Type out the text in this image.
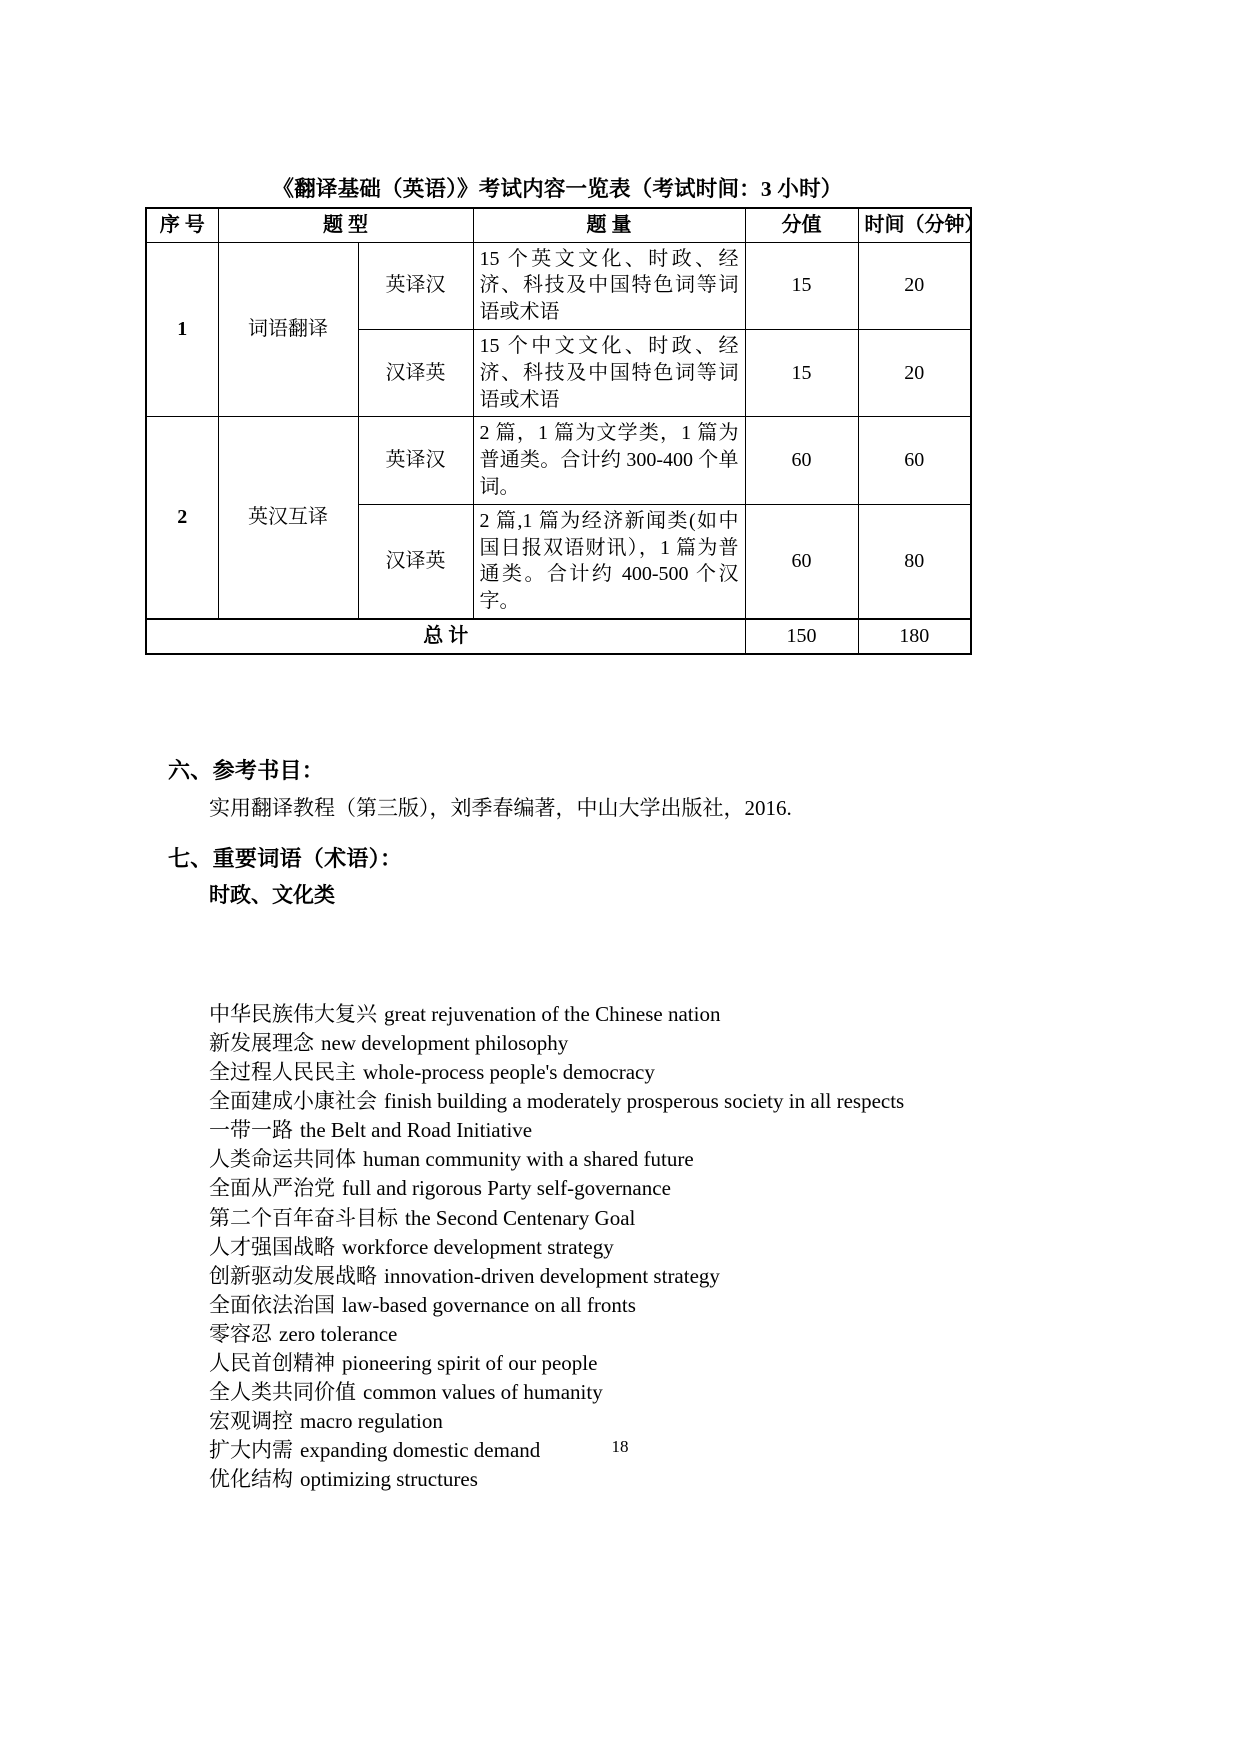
《翻译基础（英语）》考试内容一览表（考试时间：3 小时）
序 号	题 型		题 量	分值	时间（分钟）
1	词语翻译	英译汉	15 个英文文化、时政、经济、科技及中国特色词等词语或术语	15	20
		汉译英	15 个中文文化、时政、经济、科技及中国特色词等词语或术语	15	20
2	英汉互译	英译汉	2 篇，1 篇为文学类，1 篇为普通类。合计约 300-400 个单词。	60	60
		汉译英	2 篇,1 篇为经济新闻类(如中国日报双语财讯），1 篇为普通类。合计约 400-500 个汉字。	60	80
总 计				150	180
六、参考书目：
实用翻译教程（第三版），刘季春编著，中山大学出版社，2016.
七、重要词语（术语）：
时政、文化类
中华民族伟大复兴 great rejuvenation of the Chinese nation
新发展理念 new development philosophy
全过程人民民主 whole-process people's democracy
全面建成小康社会 finish building a moderately prosperous society in all respects
一带一路 the Belt and Road Initiative
人类命运共同体 human community with a shared future
全面从严治党 full and rigorous Party self-governance
第二个百年奋斗目标 the Second Centenary Goal
人才强国战略 workforce development strategy
创新驱动发展战略 innovation-driven development strategy
全面依法治国 law-based governance on all fronts
零容忍 zero tolerance
人民首创精神 pioneering spirit of our people
全人类共同价值 common values of humanity
宏观调控 macro regulation
扩大内需 expanding domestic demand
优化结构 optimizing structures
18
